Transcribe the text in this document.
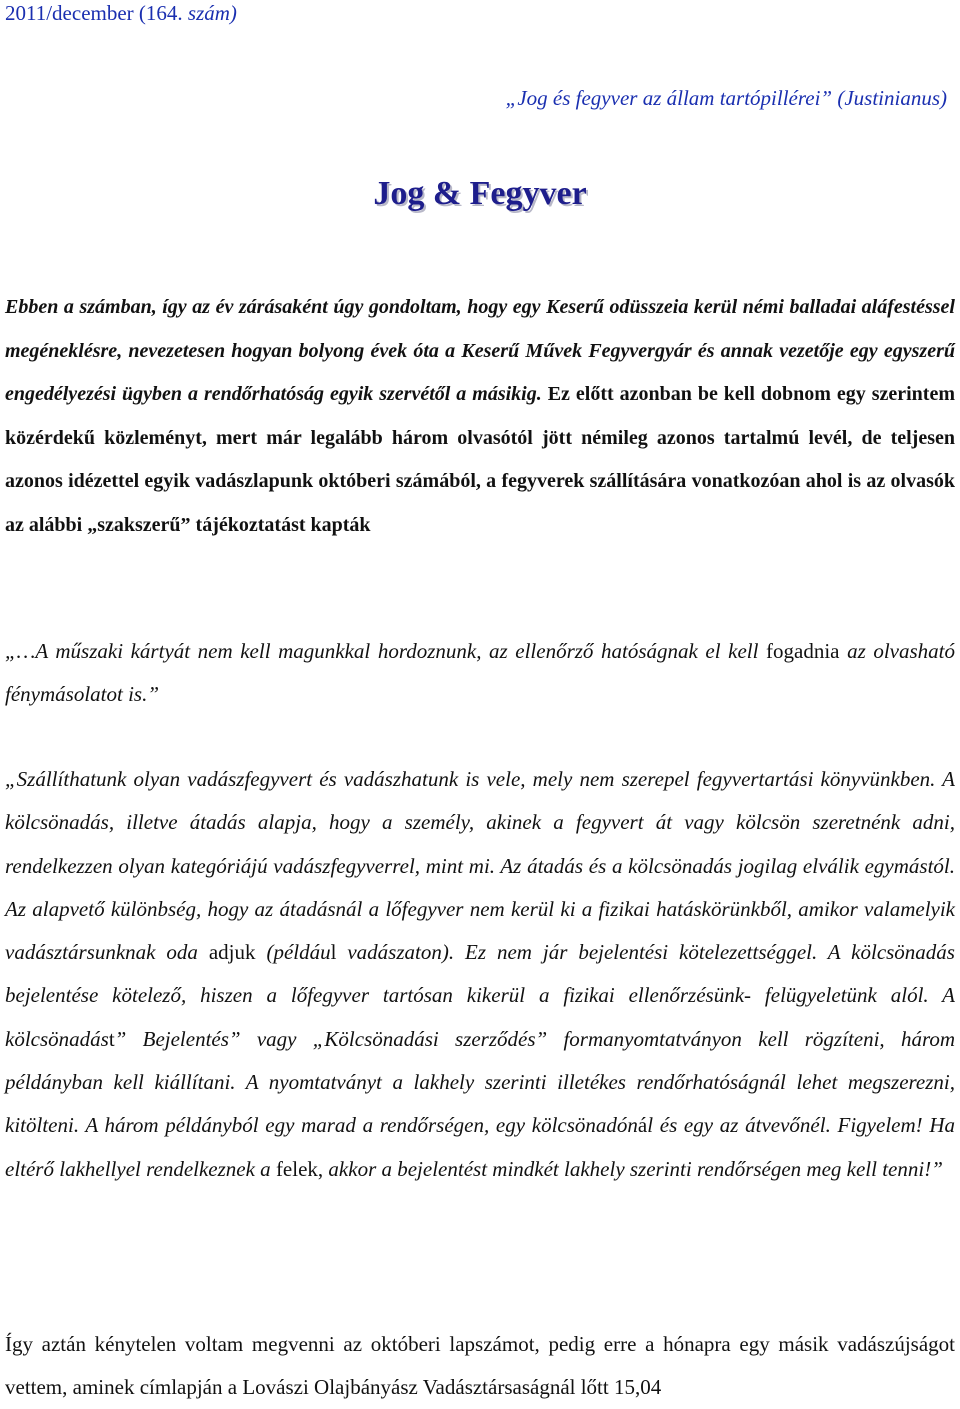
2011/december (164. szám)
„Jog és fegyver az állam tartópillérei” (Justinianus)
Jog & Fegyver
Ebben a számban, így az év zárásaként úgy gondoltam, hogy egy Keserű odüsszeia kerül némi balladai aláfestéssel megéneklésre, nevezetesen hogyan bolyong évek óta a Keserű Művek Fegyvergyár és annak vezetője egy egyszerű engedélyezési ügyben a rendőrhatóság egyik szervétől a másikig. Ez előtt azonban be kell dobnom egy szerintem közérdekű közleményt, mert már legalább három olvasótól jött némileg azonos tartalmú levél, de teljesen azonos idézettel egyik vadászlapunk októberi számából, a fegyverek szállítására vonatkozóan ahol is az olvasók az alábbi „szakszerű” tájékoztatást kapták
„…A műszaki kártyát nem kell magunkkal hordoznunk, az ellenőrző hatóságnak el kell fogadnia az olvasható fénymásolatot is.”
„Szállíthatunk olyan vadászfegyvert és vadászhatunk is vele, mely nem szerepel fegyvertartási könyvünkben. A kölcsönadás, illetve átadás alapja, hogy a személy, akinek a fegyvert át vagy kölcsön szeretnénk adni, rendelkezzen olyan kategóriájú vadászfegyverrel, mint mi. Az átadás és a kölcsönadás jogilag elválik egymástól. Az alapvető különbség, hogy az átadásnál a lőfegyver nem kerül ki a fizikai hatáskörünkből, amikor valamelyik vadásztársunknak oda adjuk (például vadászaton). Ez nem jár bejelentési kötelezettséggel. A kölcsönadás bejelentése kötelező, hiszen a lőfegyver tartósan kikerül a fizikai ellenőrzésünk- felügyeletünk alól. A kölcsönadást” Bejelentés” vagy „Kölcsönadási szerződés” formanyomtatványon kell rögzíteni, három példányban kell kiállítani. A nyomtatványt a lakhely szerinti illetékes rendőrhatóságnál lehet megszerezni, kitölteni. A három példányból egy marad a rendőrségen, egy kölcsönadónál és egy az átvevőnél. Figyelem! Ha eltérő lakhellyel rendelkeznek a felek, akkor a bejelentést mindkét lakhely szerinti rendőrségen meg kell tenni!”
Így aztán kénytelen voltam megvenni az októberi lapszámot, pedig erre a hónapra egy másik vadászújságot vettem, aminek címlapján a Lovászi Olajbányász Vadásztársaságnál lőtt 15,04
